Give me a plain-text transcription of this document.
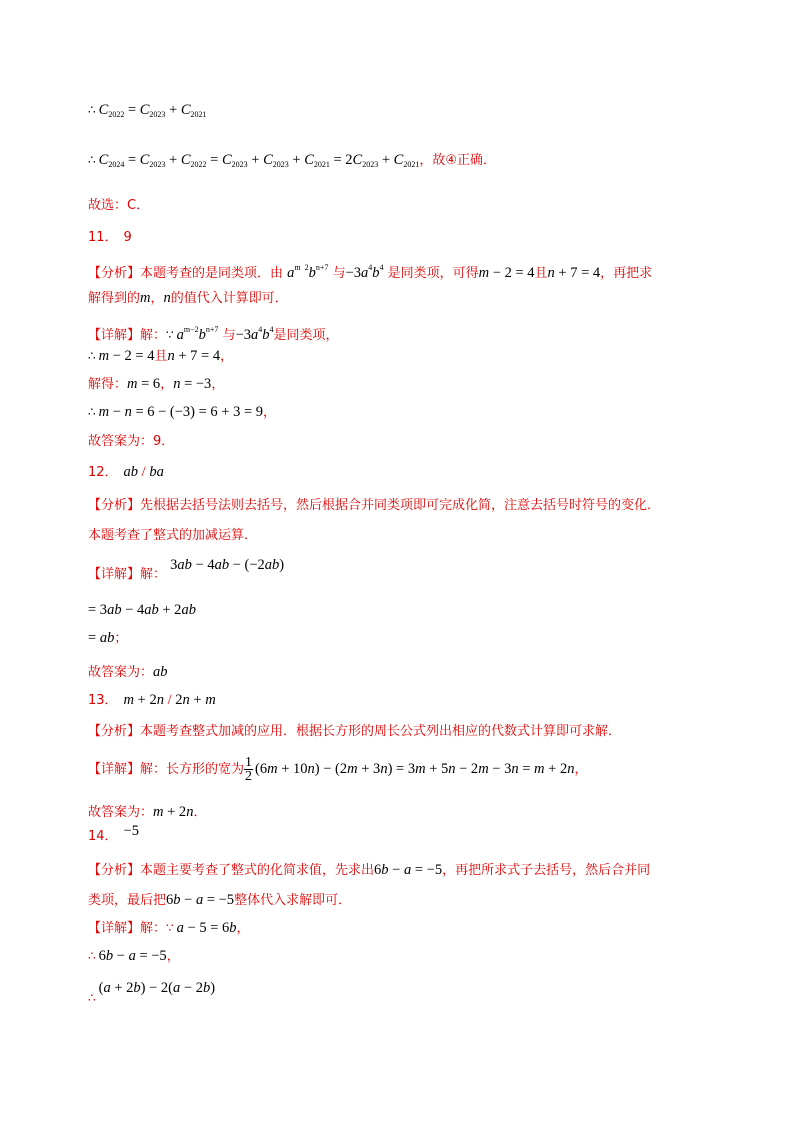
∴ $C_{2022} = C_{2023} + C_{2021}$
∴ $C_{2024} = C_{2023} + C_{2022} = C_{2023} + C_{2023} + C_{2021} = 2C_{2023} + C_{2021}$，故④正确．
故选：C．
11． 9
【分析】本题考查的是同类项．由 $a^{m 2}b^{n+7}$ 与$-3a^4b^4$ 是同类项，可得m − 2 = 4且n + 7 = 4，再把求
解得到的m，n的值代入计算即可．
【详解】解：∵ $a^{m-2}b^{n+7}$ 与$-3a^4b^4$是同类项，
∴ m − 2 = 4且n + 7 = 4，
解得：m = 6，n = −3，
∴ m − n = 6 − (−3) = 6 + 3 = 9，
故答案为：9．
12． ab / ba
【分析】先根据去括号法则去括号，然后根据合并同类项即可完成化简，注意去括号时符号的变化．
本题考查了整式的加减运算．
【详解】解： 3ab − 4ab − (−2ab)
= 3ab − 4ab + 2ab
= ab；
故答案为：ab
13． m + 2n / 2n + m
【分析】本题考查整式加减的应用．根据长方形的周长公式列出相应的代数式计算即可求解．
【详解】解：长方形的宽为 $\frac{1}{2} (6m + 10n) - (2m + 3n) = 3m + 5n - 2m - 3n = m + 2n$，
故答案为：m + 2n．
14． −5
【分析】本题主要考查了整式的化简求值，先求出6b − a = −5，再把所求式子去括号，然后合并同
类项，最后把6b − a = −5整体代入求解即可．
【详解】解：∵ a − 5 = 6b，
∴ 6b − a = −5，
∴(a + 2b) − 2(a − 2b)
